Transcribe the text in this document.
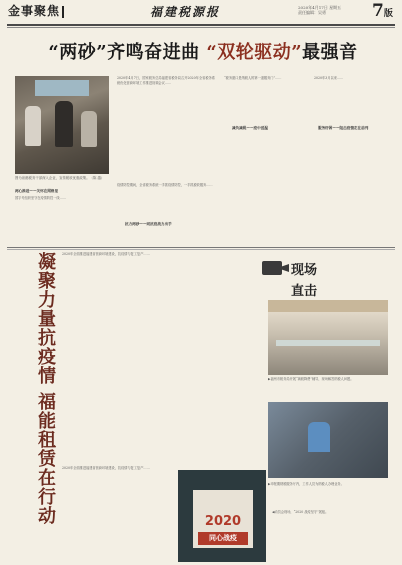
金事聚焦	福建税源报	2020年4月17日 星期五
责任编辑：吴勇	7版
“两砂”齐鸣奋进曲 “双轮驱动”最强音
2020年4月7日，国家税务总局福建省税务局召开2020年全省税务系统优化营商环境工作推进视频会议……
图为泉港税务干部深入企业，宣传税收优惠政策。（陈 越）
两心推进——关怀在网格里
国字号组织坚守在疫情防控一线……
疫情防控期间，全省税务系统一手抓疫情防控，一手抓税收服务……
抗力两砂——同抗疫战力出手
“税务窗口是纳税人的第一道服务门”……
减负减税——疫中送温
2020年3月以来……
服务纾困——阻击疫情走在前列
凝聚力量抗疫情 福能租赁在行动 2020年全面推进福建省营商环境建设，抗疫情与复工复产……
2020年全面推进福建省营商环境建设，抗疫情与复工复产……
现场
直击
▶福州市税务局开展“减税降费”辅导，现场解答纳税人问题。
▶申报期纳税服务厅内，工作人员为纳税人办理业务。
◀动员会现场，“2020 战疫坚守”展板。
2020
同心战疫
